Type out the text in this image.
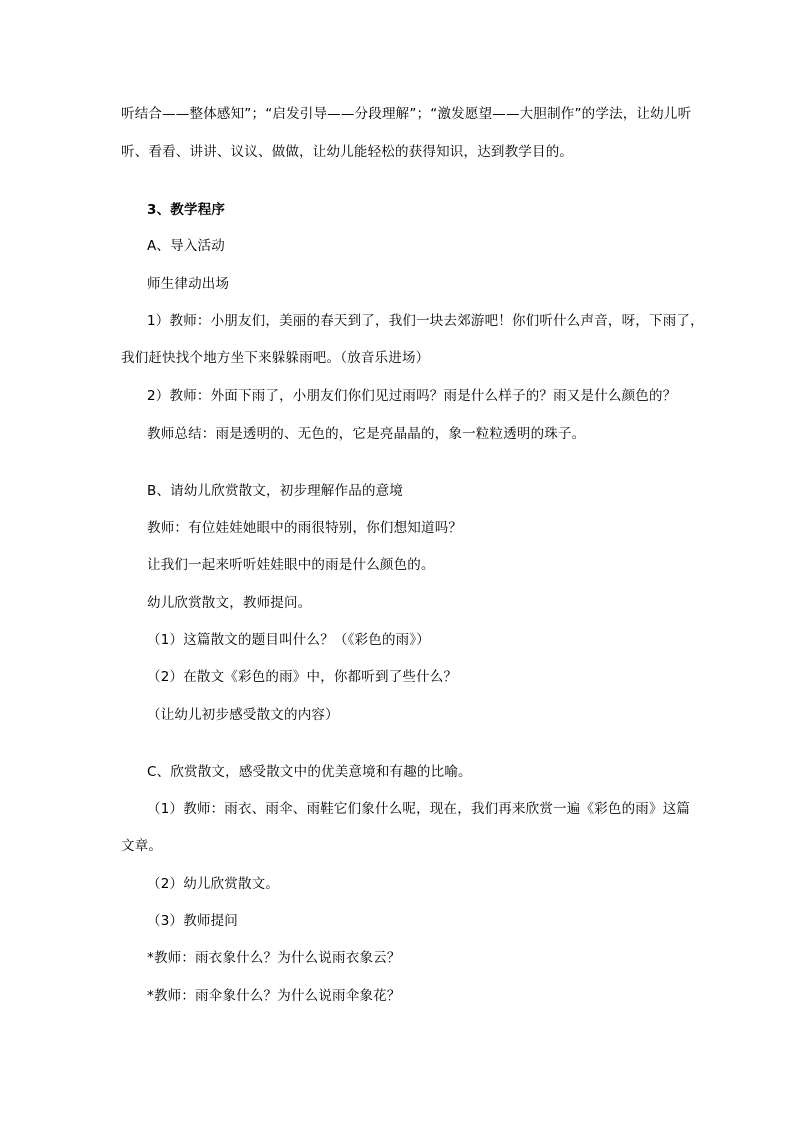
听结合——整体感知”；“启发引导——分段理解”；“激发愿望——大胆制作”的学法，让幼儿听
听、看看、讲讲、议议、做做，让幼儿能轻松的获得知识，达到教学目的。
3、教学程序
A、导入活动
师生律动出场
1）教师：小朋友们，美丽的春天到了，我们一块去郊游吧！你们听什么声音，呀，下雨了，
我们赶快找个地方坐下来躲躲雨吧。（放音乐进场）
2）教师：外面下雨了，小朋友们你们见过雨吗？雨是什么样子的？雨又是什么颜色的？
教师总结：雨是透明的、无色的，它是亮晶晶的，象一粒粒透明的珠子。
B、请幼儿欣赏散文，初步理解作品的意境
教师：有位娃娃她眼中的雨很特别，你们想知道吗？
让我们一起来听听娃娃眼中的雨是什么颜色的。
幼儿欣赏散文，教师提问。
（1）这篇散文的题目叫什么？（《彩色的雨》）
（2）在散文《彩色的雨》中，你都听到了些什么？
（让幼儿初步感受散文的内容）
C、欣赏散文，感受散文中的优美意境和有趣的比喻。
（1）教师：雨衣、雨伞、雨鞋它们象什么呢，现在，我们再来欣赏一遍《彩色的雨》这篇
文章。
（2）幼儿欣赏散文。
（3）教师提问
*教师：雨衣象什么？为什么说雨衣象云？
*教师：雨伞象什么？为什么说雨伞象花？
